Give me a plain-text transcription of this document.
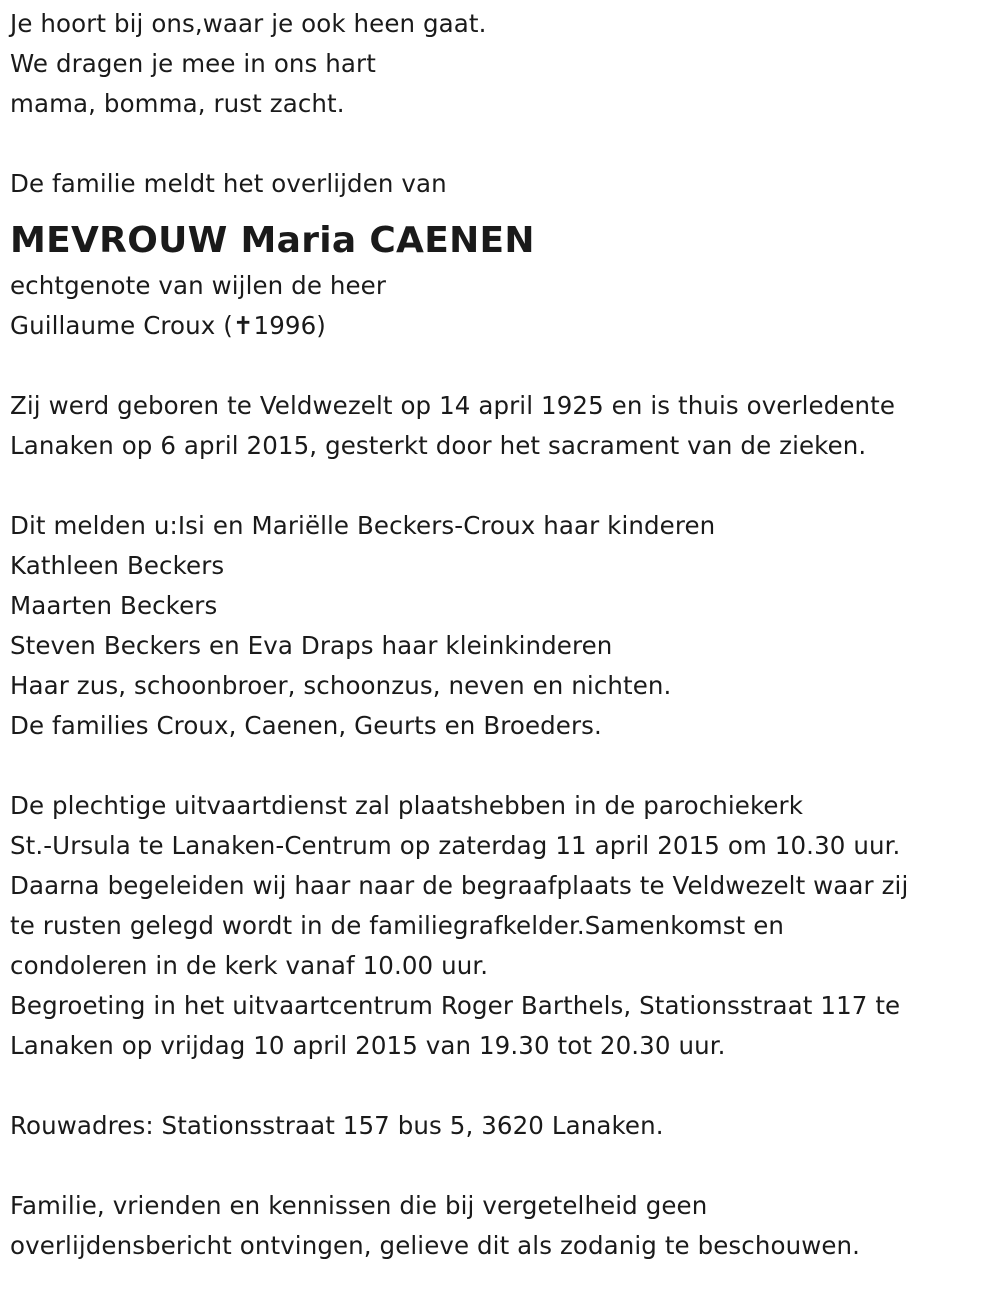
Je hoort bij ons,waar je ook heen gaat.
We dragen je mee in ons hart
mama, bomma, rust zacht.
De familie meldt het overlijden van
MEVROUW Maria CAENEN
echtgenote van wijlen de heer
Guillaume Croux (✝1996)
Zij werd geboren te Veldwezelt op 14 april 1925 en is thuis overledente
Lanaken op 6 april 2015, gesterkt door het sacrament van de zieken.
Dit melden u:Isi en Mariëlle Beckers-Croux haar kinderen
Kathleen Beckers
Maarten Beckers
Steven Beckers en Eva Draps haar kleinkinderen
Haar zus, schoonbroer, schoonzus, neven en nichten.
De families Croux, Caenen, Geurts en Broeders.
De plechtige uitvaartdienst zal plaatshebben in de parochiekerk
St.-Ursula te Lanaken-Centrum op zaterdag 11 april 2015 om 10.30 uur.
Daarna begeleiden wij haar naar de begraafplaats te Veldwezelt waar zij
te rusten gelegd wordt in de familiegrafkelder.Samenkomst en
condoleren in de kerk vanaf 10.00 uur.
Begroeting in het uitvaartcentrum Roger Barthels, Stationsstraat 117 te
Lanaken op vrijdag 10 april 2015 van 19.30 tot 20.30 uur.
Rouwadres: Stationsstraat 157 bus 5, 3620 Lanaken.
Familie, vrienden en kennissen die bij vergetelheid geen
overlijdensbericht ontvingen, gelieve dit als zodanig te beschouwen.
